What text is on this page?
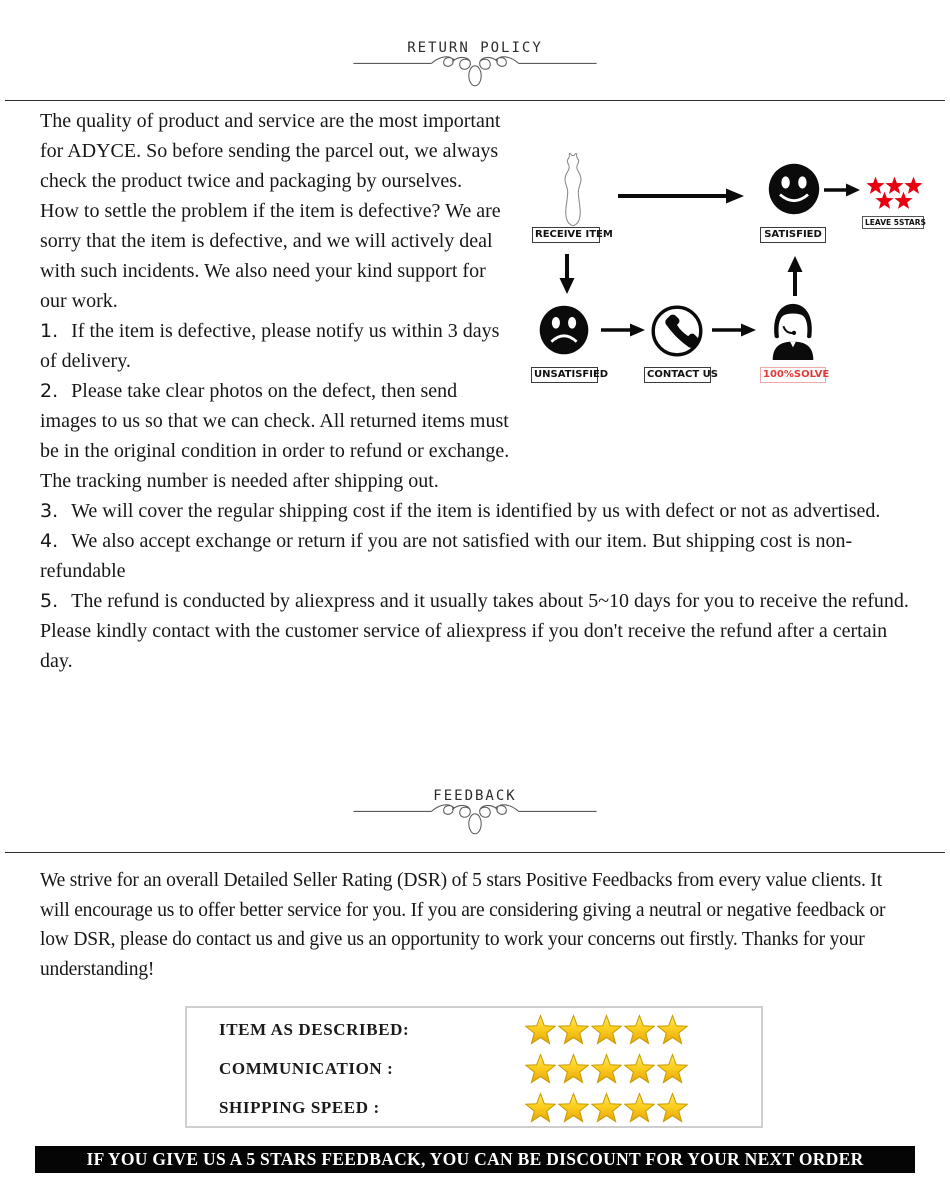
RETURN POLICY
RECEIVE ITEM	SATISFIED
LEAVE 5STARS
UNSATISFIED	CONTACT US	100%SOLVE

The quality of product and service are the most important for ADYCE. So before sending the parcel out, we always check the product twice and packaging by ourselves.

How to settle the problem if the item is defective? We are sorry that the item is defective, and we will actively deal with such incidents. We also need your kind support for our work.

1. If the item is defective, please notify us within 3 days of delivery.
2. Please take clear photos on the defect, then send images to us so that we can check. All returned items must be in the original condition in order to refund or exchange. The tracking number is needed after shipping out.
3. We will cover the regular shipping cost if the item is identified by us with defect or not as advertised.
4. We also accept exchange or return if you are not satisfied with our item. But shipping cost is non-refundable
5. The refund is conducted by aliexpress and it usually takes about 5~10 days for you to receive the refund. Please kindly contact with the customer service of aliexpress if you don't receive the refund after a certain day.
FEEDBACK

We strive for an overall Detailed Seller Rating (DSR) of 5 stars Positive Feedbacks from every value clients. It will encourage us to offer better service for you. If you are considering giving a neutral or negative feedback or low DSR, please do contact us and give us an opportunity to work your concerns out firstly. Thanks for your understanding!

ITEM AS DESCRIBED:
COMMUNICATION :
SHIPPING SPEED :
IF YOU GIVE US A 5 STARS FEEDBACK, YOU CAN BE DISCOUNT FOR YOUR NEXT ORDER
